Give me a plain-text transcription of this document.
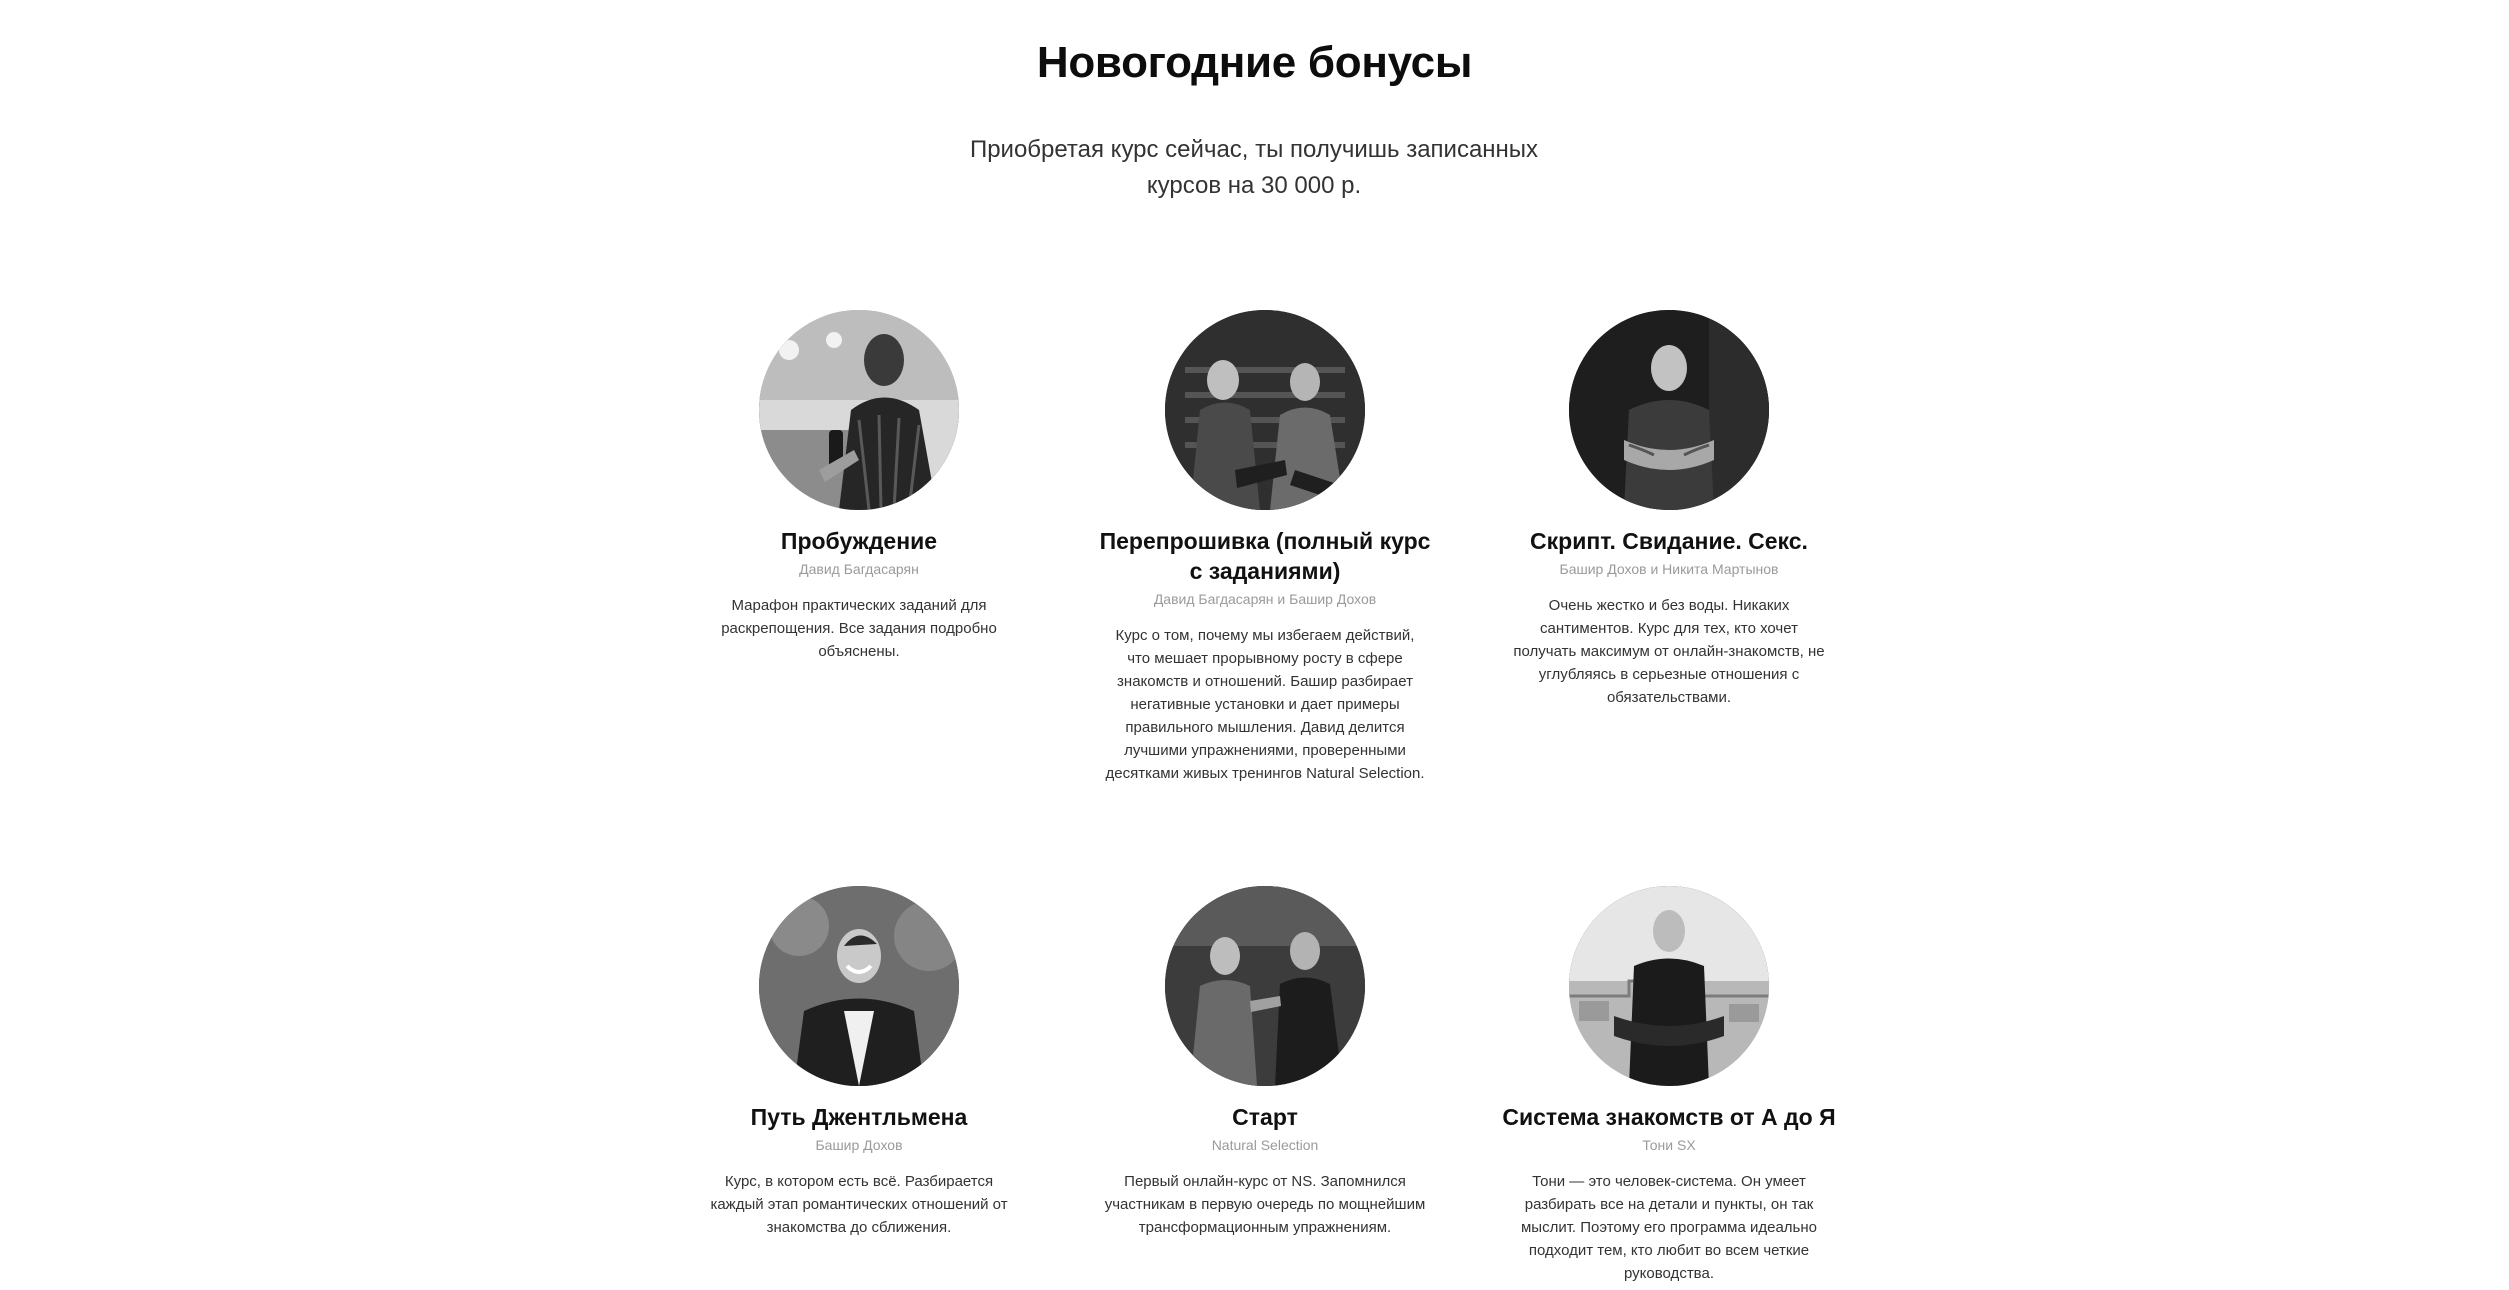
Новогодние бонусы
Приобретая курс сейчас, ты получишь записанных курсов на 30 000 р.
Пробуждение
Давид Багдасарян
Марафон практических заданий для раскрепощения. Все задания подробно объяснены.
Перепрошивка (полный курс с заданиями)
Давид Багдасарян и Башир Дохов
Курс о том, почему мы избегаем действий, что мешает прорывному росту в сфере знакомств и отношений. Башир разбирает негативные установки и дает примеры правильного мышления. Давид делится лучшими упражнениями, проверенными десятками живых тренингов Natural Selection.
Скрипт. Свидание. Секс.
Башир Дохов и Никита Мартынов
Очень жестко и без воды. Никаких сантиментов. Курс для тех, кто хочет получать максимум от онлайн-знакомств, не углубляясь в серьезные отношения с обязательствами.
Путь Джентльмена
Башир Дохов
Курс, в котором есть всё. Разбирается каждый этап романтических отношений от знакомства до сближения.
Старт
Natural Selection
Первый онлайн-курс от NS. Запомнился участникам в первую очередь по мощнейшим трансформационным упражнениям.
Система знакомств от А до Я
Тони SX
Тони — это человек-система. Он умеет разбирать все на детали и пункты, он так мыслит. Поэтому его программа идеально подходит тем, кто любит во всем четкие руководства.
